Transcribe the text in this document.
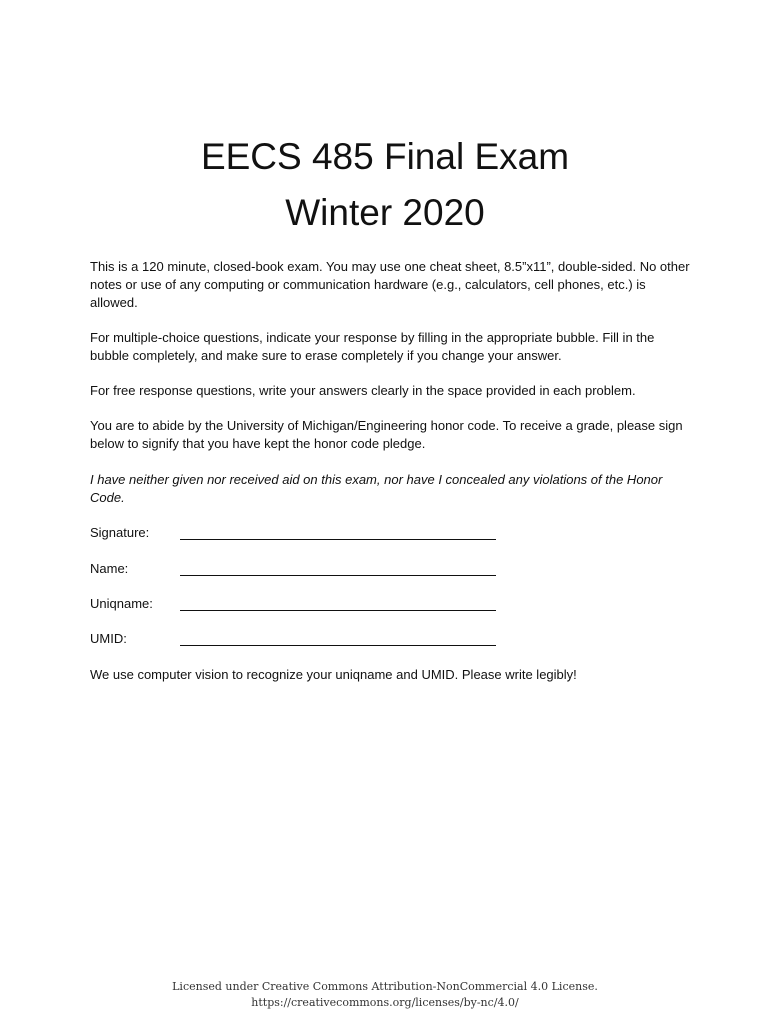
EECS 485 Final Exam
Winter 2020

This is a 120 minute, closed-book exam. You may use one cheat sheet, 8.5”x11”, double-sided. No other notes or use of any computing or communication hardware (e.g., calculators, cell phones, etc.) is allowed.

For multiple-choice questions, indicate your response by filling in the appropriate bubble. Fill in the bubble completely, and make sure to erase completely if you change your answer.

For free response questions, write your answers clearly in the space provided in each problem.

You are to abide by the University of Michigan/Engineering honor code. To receive a grade, please sign below to signify that you have kept the honor code pledge.

I have neither given nor received aid on this exam, nor have I concealed any violations of the Honor Code.

Signature:
Name:
Uniqname:
UMID:

We use computer vision to recognize your uniqname and UMID. Please write legibly!

Licensed under Creative Commons Attribution-NonCommercial 4.0 License.

https://creativecommons.org/licenses/by-nc/4.0/
